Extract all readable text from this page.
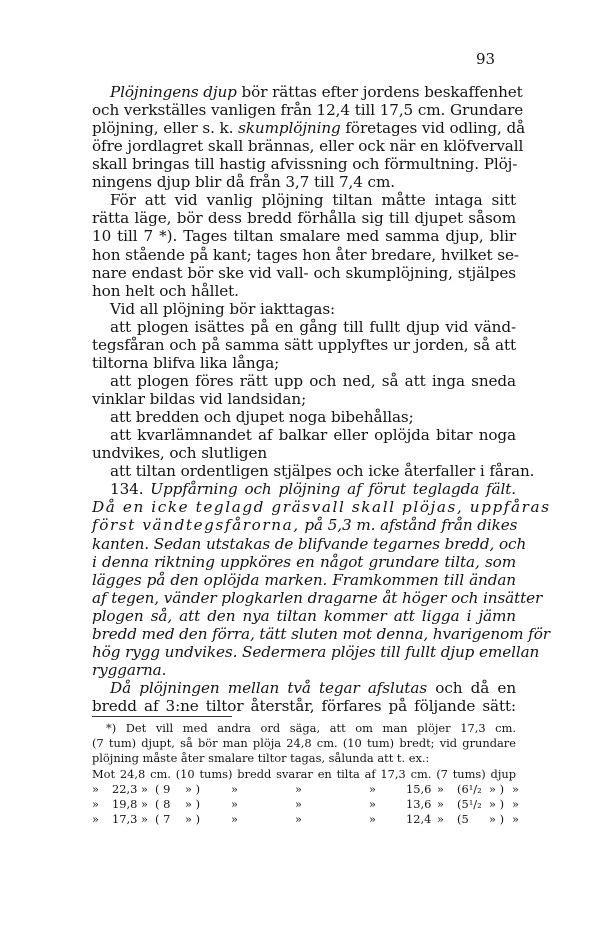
93
Plöjningens djup bör rättas efter jordens beskaffenhet
och verkställes vanligen från 12,4 till 17,5 cm. Grundare
plöjning, eller s. k. skumplöjning företages vid odling, då
öfre jordlagret skall brännas, eller ock när en klöfvervall
skall bringas till hastig afvissning och förmultning. Plöj-
ningens djup blir då från 3,7 till 7,4 cm.
För att vid vanlig plöjning tiltan måtte intaga sitt
rätta läge, bör dess bredd förhålla sig till djupet såsom
10 till 7 *). Tages tiltan smalare med samma djup, blir
hon stående på kant; tages hon åter bredare, hvilket se-
nare endast bör ske vid vall- och skumplöjning, stjälpes
hon helt och hållet.
Vid all plöjning bör iakttagas:
att plogen isättes på en gång till fullt djup vid vänd-
tegsfåran och på samma sätt upplyftes ur jorden, så att
tiltorna blifva lika långa;
att plogen föres rätt upp och ned, så att inga sneda
vinklar bildas vid landsidan;
att bredden och djupet noga bibehållas;
att kvarlämnandet af balkar eller oplöjda bitar noga
undvikes, och slutligen
att tiltan ordentligen stjälpes och icke återfaller i fåran.
134. Uppfårning och plöjning af förut teglagda fält.
Då en icke teglagd gräsvall skall plöjas, uppfåras
först vändtegsfårorna, på 5,3 m. afstånd från dikes
kanten. Sedan utstakas de blifvande tegarnes bredd, och
i denna riktning uppköres en något grundare tilta, som
lägges på den oplöjda marken. Framkommen till ändan
af tegen, vänder plogkarlen dragarne åt höger och insätter
plogen så, att den nya tiltan kommer att ligga i jämn
bredd med den förra, tätt sluten mot denna, hvarigenom för
hög rygg undvikes. Sedermera plöjes till fullt djup emellan
ryggarna.
Då plöjningen mellan två tegar afslutas och då en
bredd af 3:ne tiltor återstår, förfares på följande sätt:
*) Det vill med andra ord säga, att om man plöjer 17,3 cm.
(7 tum) djupt, så bör man plöja 24,8 cm. (10 tum) bredt; vid grundare
plöjning måste åter smalare tiltor tagas, sålunda att t. ex.:
Mot 24,8 cm. (10 tums) bredd svarar en tilta af 17,3 cm. (7 tums) djup
» 22,3 » ( 9 » )	»	»	»	15,6 » (6¹/₂ » ) »
» 19,8 » ( 8 » )	»	»	»	13,6 » (5¹/₂ » ) »
» 17,3 » ( 7 » )	»	»	»	12,4 » (5 » ) »
